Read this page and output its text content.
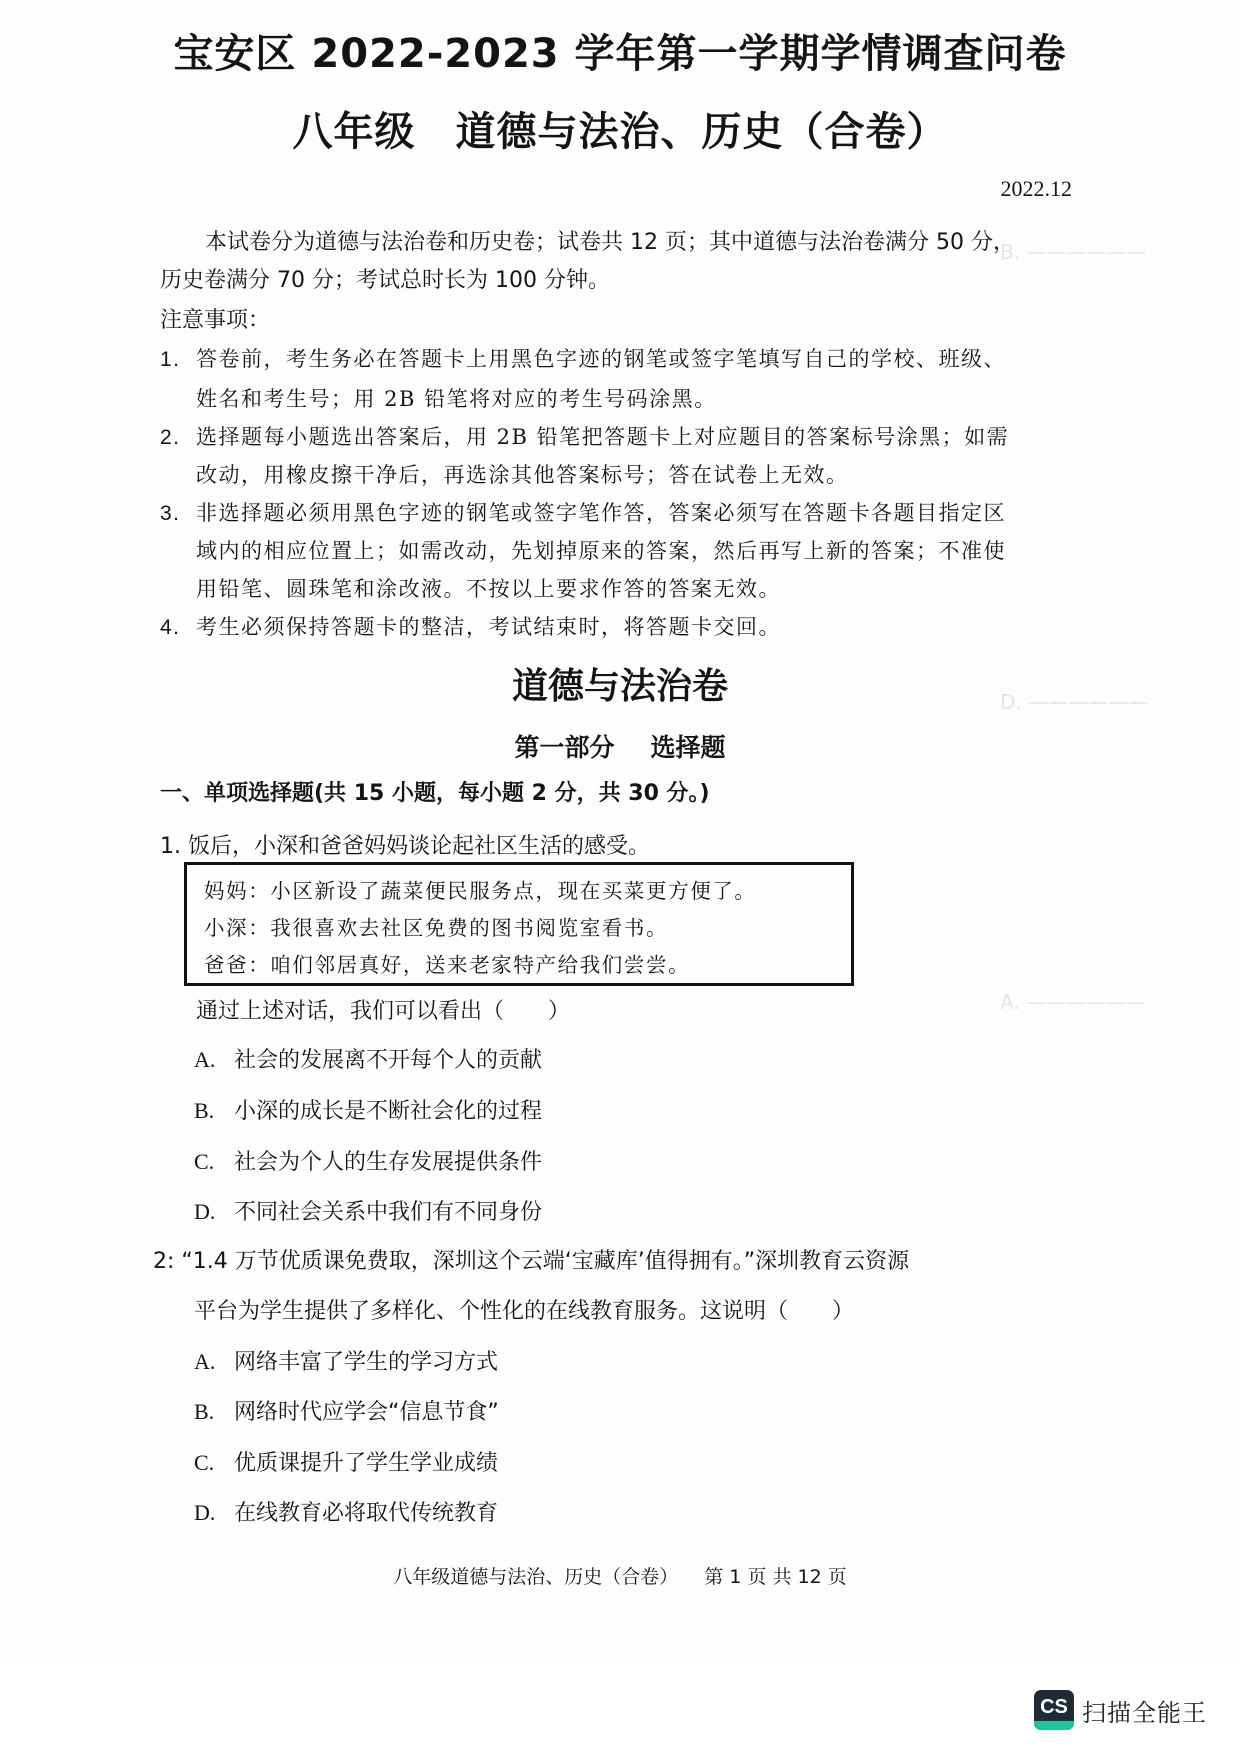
B. ——————
D. ——————
A. ——————
宝安区 2022-2023 学年第一学期学情调查问卷
八年级 道德与法治、历史（合卷）
2022.12
本试卷分为道德与法治卷和历史卷；试卷共 12 页；其中道德与法治卷满分 50 分，
历史卷满分 70 分；考试总时长为 100 分钟。
注意事项：
1. 答卷前，考生务必在答题卡上用黑色字迹的钢笔或签字笔填写自己的学校、班级、
姓名和考生号；用 2B 铅笔将对应的考生号码涂黑。
2. 选择题每小题选出答案后，用 2B 铅笔把答题卡上对应题目的答案标号涂黑；如需
改动，用橡皮擦干净后，再选涂其他答案标号；答在试卷上无效。
3. 非选择题必须用黑色字迹的钢笔或签字笔作答，答案必须写在答题卡各题目指定区
域内的相应位置上；如需改动，先划掉原来的答案，然后再写上新的答案；不准使
用铅笔、圆珠笔和涂改液。不按以上要求作答的答案无效。
4. 考生必须保持答题卡的整洁，考试结束时，将答题卡交回。
道德与法治卷
第一部分 选择题
一、单项选择题(共 15 小题，每小题 2 分，共 30 分。)
1. 饭后，小深和爸爸妈妈谈论起社区生活的感受。
妈妈：小区新设了蔬菜便民服务点，现在买菜更方便了。
小深：我很喜欢去社区免费的图书阅览室看书。
爸爸：咱们邻居真好，送来老家特产给我们尝尝。
通过上述对话，我们可以看出（　　）
A. 社会的发展离不开每个人的贡献
B. 小深的成长是不断社会化的过程
C. 社会为个人的生存发展提供条件
D. 不同社会关系中我们有不同身份
2: “1.4 万节优质课免费取，深圳这个云端‘宝藏库’值得拥有。”深圳教育云资源
平台为学生提供了多样化、个性化的在线教育服务。这说明（　　）
A. 网络丰富了学生的学习方式
B. 网络时代应学会“信息节食”
C. 优质课提升了学生学业成绩
D. 在线教育必将取代传统教育
八年级道德与法治、历史（合卷） 第 1 页 共 12 页
CS 扫描全能王
